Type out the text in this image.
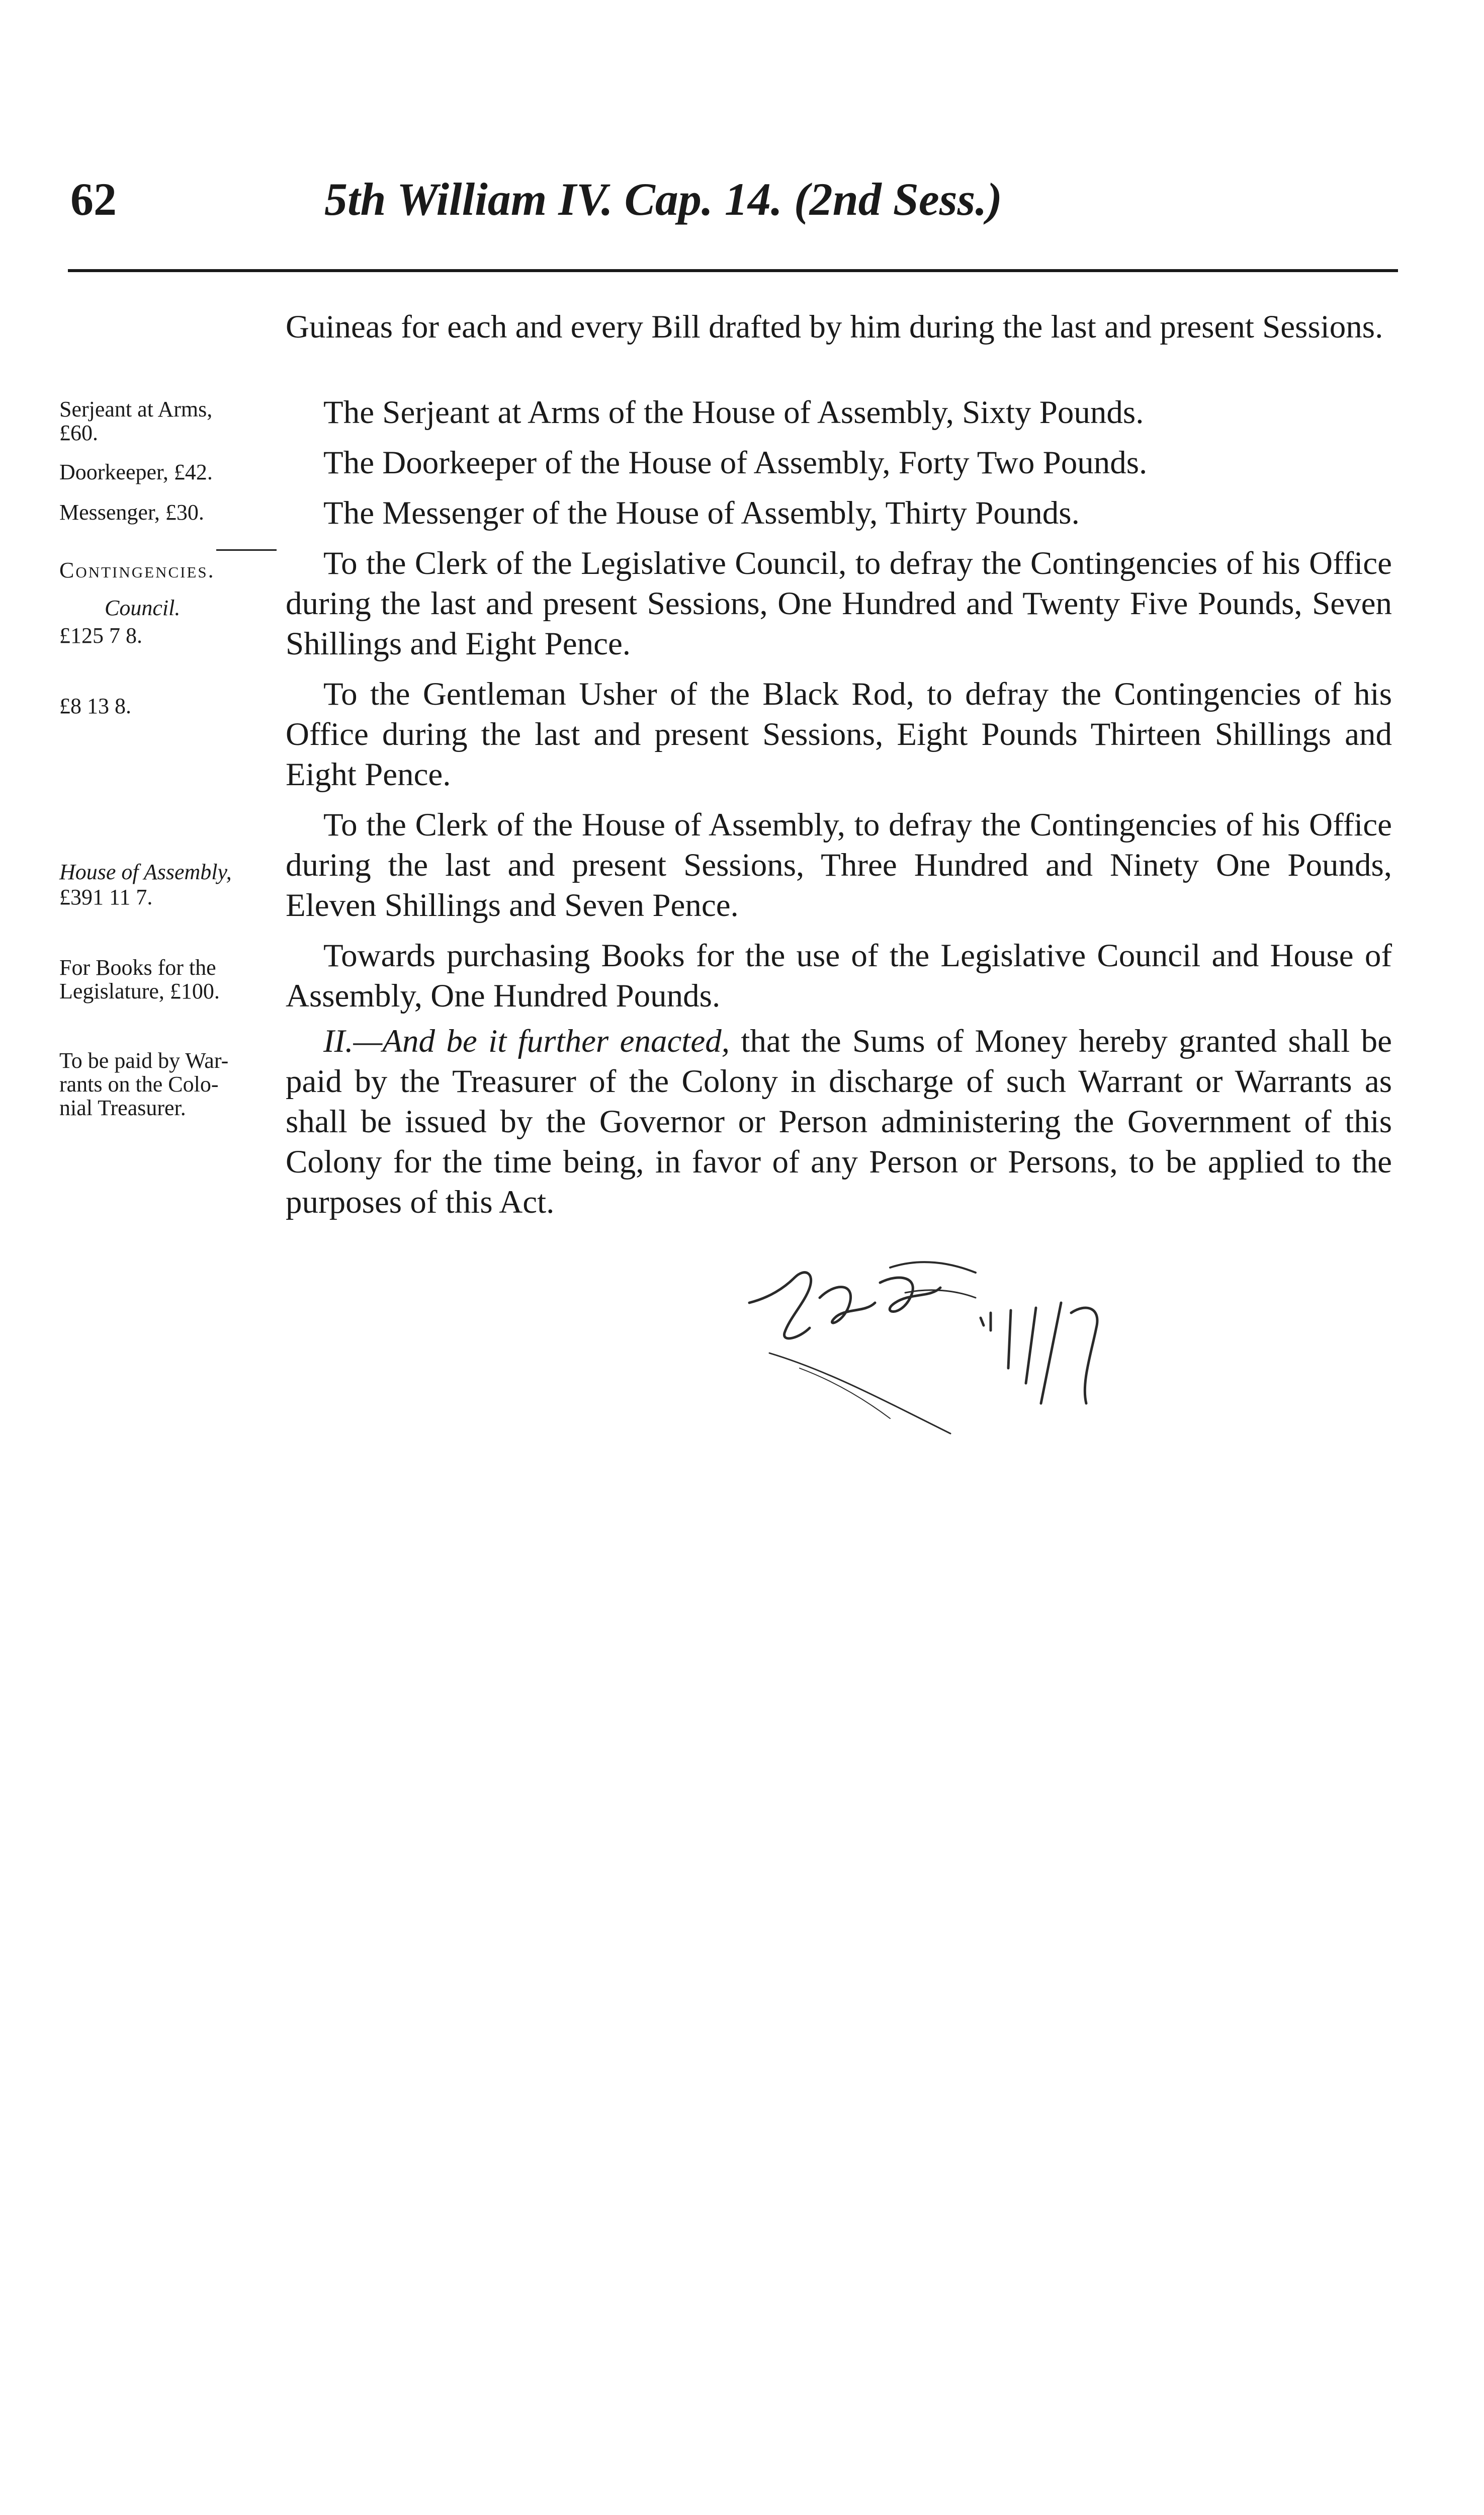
62	5th William IV. Cap. 14. (2nd Sess.)
Serjeant at Arms,
£60.
Doorkeeper, £42.
Messenger, £30.
Contingencies.
Council.
£125 7 8.
£8 13 8.
House of Assembly,
£391 11 7.
For Books for the
Legislature, £100.
To be paid by War-
rants on the Colo-
nial Treasurer.

Guineas for each and every Bill drafted by him during the last and present Sessions.

The Serjeant at Arms of the House of Assembly, Sixty Pounds.

The Doorkeeper of the House of Assembly, Forty Two Pounds.

The Messenger of the House of Assembly, Thirty Pounds.

To the Clerk of the Legislative Council, to defray the Contingencies of his Office during the last and present Sessions, One Hundred and Twenty Five Pounds, Seven Shillings and Eight Pence.

To the Gentleman Usher of the Black Rod, to defray the Contingencies of his Office during the last and present Sessions, Eight Pounds Thirteen Shillings and Eight Pence.

To the Clerk of the House of Assembly, to defray the Contingencies of his Office during the last and present Sessions, Three Hundred and Ninety One Pounds, Eleven Shillings and Seven Pence.

Towards purchasing Books for the use of the Legislative Council and House of Assembly, One Hundred Pounds.

II.—And be it further enacted, that the Sums of Money hereby granted shall be paid by the Treasurer of the Colony in discharge of such Warrant or Warrants as shall be issued by the Governor or Person administering the Government of this Colony for the time being, in favor of any Person or Persons, to be applied to the purposes of this Act.
